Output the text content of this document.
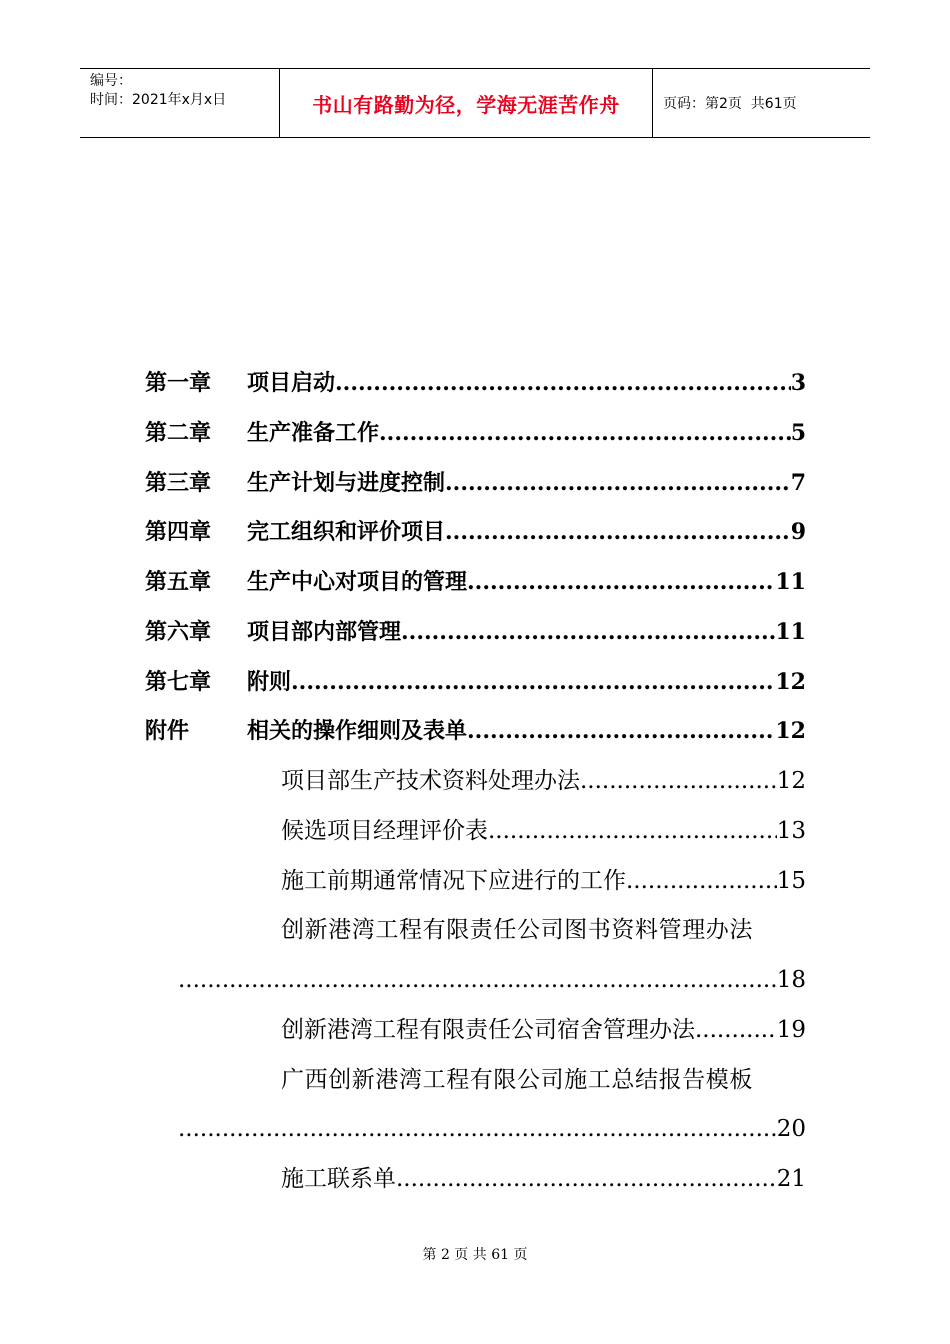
编号：
时间：2021年x月x日	书山有路勤为径，学海无涯苦作舟	页码：第2页  共61页
第一章	项目启动 .....	3
第二章	生产准备工作 .....	5
第三章	生产计划与进度控制 .....	7
第四章	完工组织和评价项目 .....	9
第五章	生产中心对项目的管理 .....	11
第六章	项目部内部管理 .....	11
第七章	附则 .....	12
附件	相关的操作细则及表单 .....	12
项目部生产技术资料处理办法 .....	12
候选项目经理评价表 .....	13
施工前期通常情况下应进行的工作 .....	15
创新港湾工程有限责任公司图书资料管理办法
.....
18
创新港湾工程有限责任公司宿舍管理办法 .....	19
广西创新港湾工程有限公司施工总结报告模板
.....
20
施工联系单 .....	21
第 2 页 共 61 页
